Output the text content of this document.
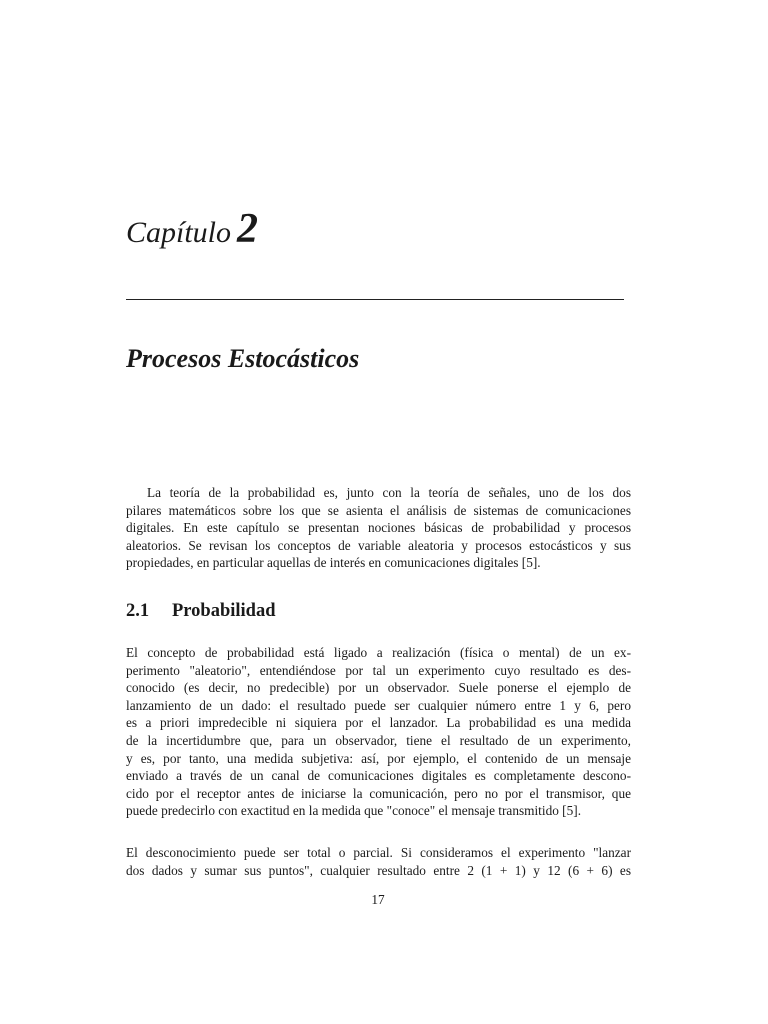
Capítulo 2
Procesos Estocásticos

La teoría de la probabilidad es, junto con la teoría de señales, uno de los dos
pilares matemáticos sobre los que se asienta el análisis de sistemas de comunicaciones
digitales. En este capítulo se presentan nociones básicas de probabilidad y procesos
aleatorios. Se revisan los conceptos de variable aleatoria y procesos estocásticos y sus
propiedades, en particular aquellas de interés en comunicaciones digitales [5].

2.1 Probabilidad

El concepto de probabilidad está ligado a realización (física o mental) de un ex-
perimento "aleatorio", entendiéndose por tal un experimento cuyo resultado es des-
conocido (es decir, no predecible) por un observador. Suele ponerse el ejemplo de
lanzamiento de un dado: el resultado puede ser cualquier número entre 1 y 6, pero
es a priori impredecible ni siquiera por el lanzador. La probabilidad es una medida
de la incertidumbre que, para un observador, tiene el resultado de un experimento,
y es, por tanto, una medida subjetiva: así, por ejemplo, el contenido de un mensaje
enviado a través de un canal de comunicaciones digitales es completamente descono-
cido por el receptor antes de iniciarse la comunicación, pero no por el transmisor, que
puede predecirlo con exactitud en la medida que "conoce" el mensaje transmitido [5].

El desconocimiento puede ser total o parcial. Si consideramos el experimento "lanzar
dos dados y sumar sus puntos", cualquier resultado entre 2 (1 + 1) y 12 (6 + 6) es

17
